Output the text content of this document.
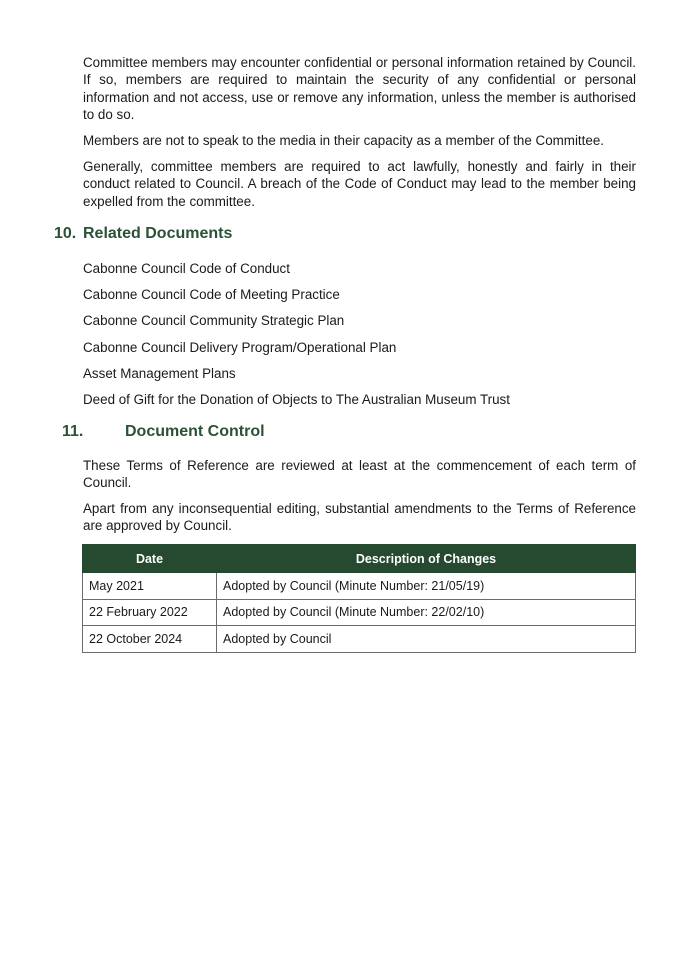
Committee members may encounter confidential or personal information retained by Council. If so, members are required to maintain the security of any confidential or personal information and not access, use or remove any information, unless the member is authorised to do so.

Members are not to speak to the media in their capacity as a member of the Committee.

Generally, committee members are required to act lawfully, honestly and fairly in their conduct related to Council. A breach of the Code of Conduct may lead to the member being expelled from the committee.

10. Related Documents

Cabonne Council Code of Conduct

Cabonne Council Code of Meeting Practice

Cabonne Council Community Strategic Plan

Cabonne Council Delivery Program/Operational Plan

Asset Management Plans

Deed of Gift for the Donation of Objects to The Australian Museum Trust

11.	Document Control

These Terms of Reference are reviewed at least at the commencement of each term of Council.

Apart from any inconsequential editing, substantial amendments to the Terms of Reference are approved by Council.

Date	Description of Changes
May 2021	Adopted by Council (Minute Number: 21/05/19)
22 February 2022	Adopted by Council (Minute Number: 22/02/10)
22 October 2024	Adopted by Council
